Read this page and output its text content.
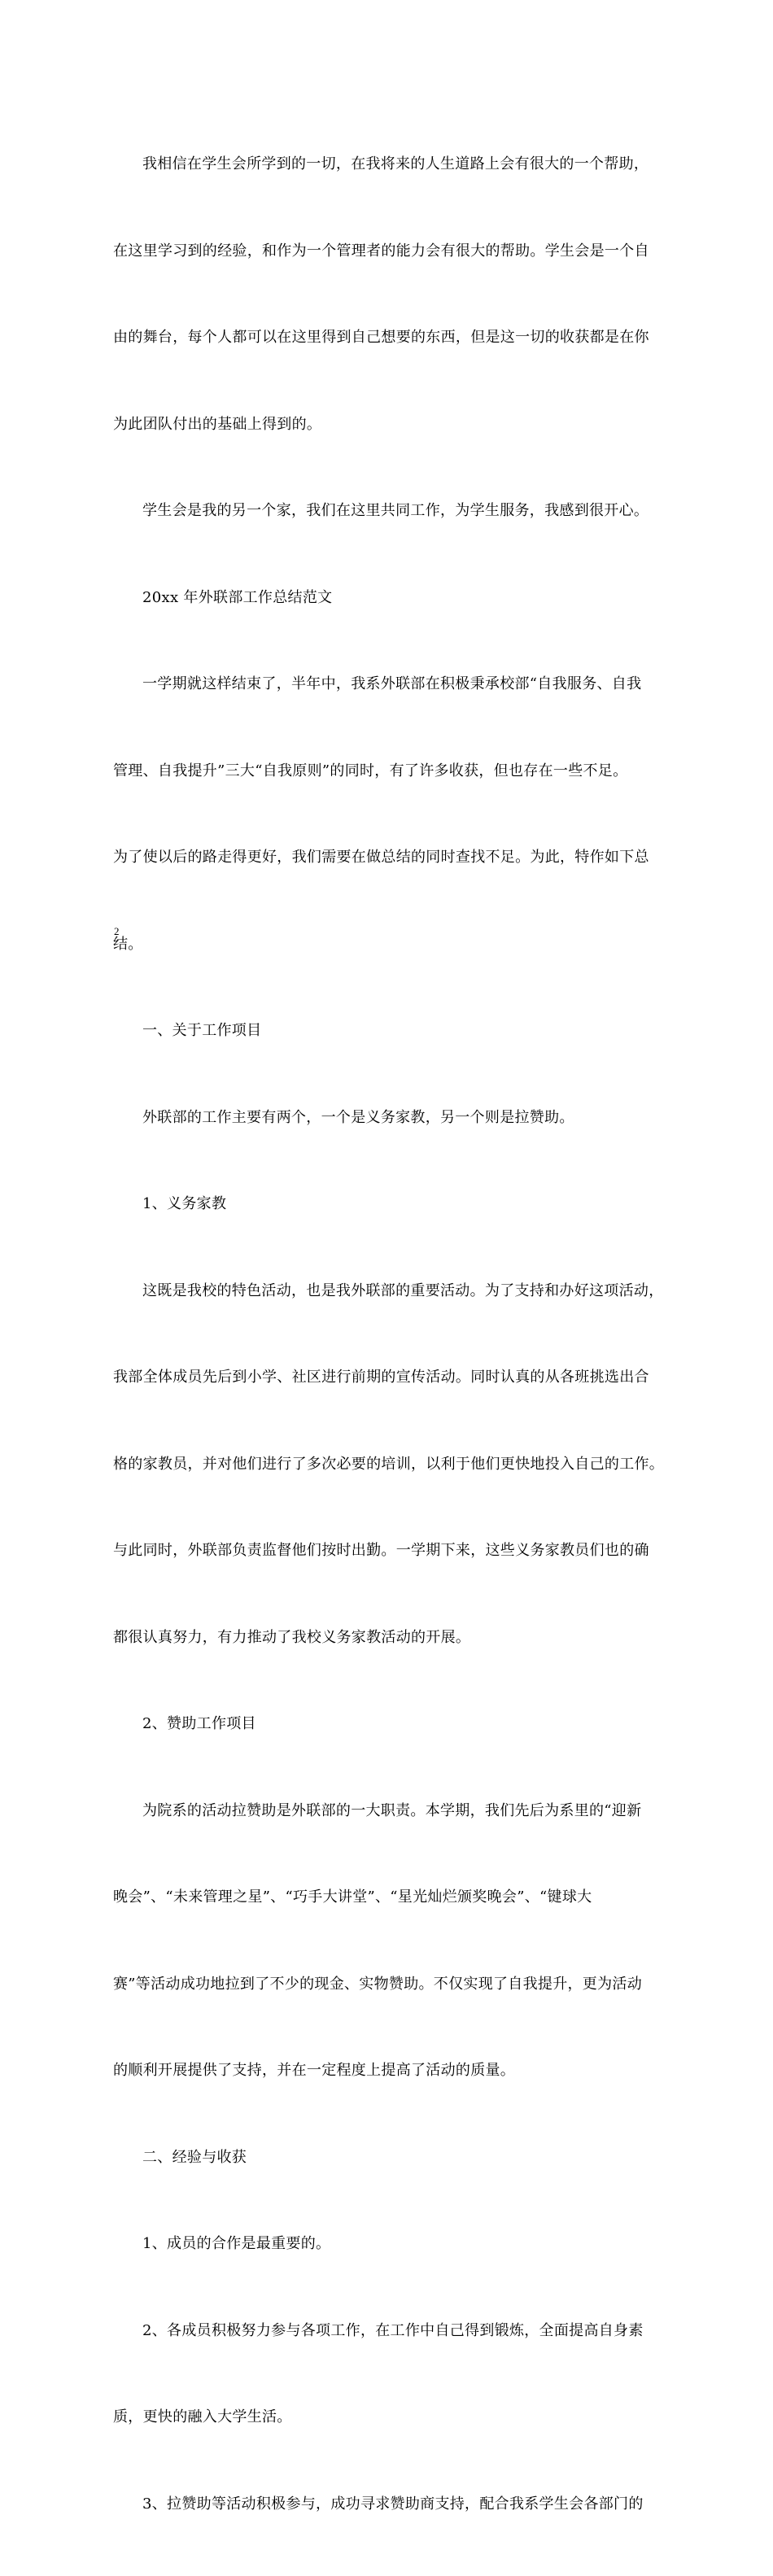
我相信在学生会所学到的一切，在我将来的人生道路上会有很大的一个帮助，

在这里学习到的经验，和作为一个管理者的能力会有很大的帮助。学生会是一个自

由的舞台，每个人都可以在这里得到自己想要的东西，但是这一切的收获都是在你

为此团队付出的基础上得到的。

学生会是我的另一个家，我们在这里共同工作，为学生服务，我感到很开心。

20xx 年外联部工作总结范文

一学期就这样结束了，半年中，我系外联部在积极秉承校部“自我服务、自我

管理、自我提升”三大“自我原则”的同时，有了许多收获，但也存在一些不足。

为了使以后的路走得更好，我们需要在做总结的同时查找不足。为此，特作如下总

结。

一、关于工作项目

外联部的工作主要有两个，一个是义务家教，另一个则是拉赞助。

1、义务家教

这既是我校的特色活动，也是我外联部的重要活动。为了支持和办好这项活动，

我部全体成员先后到小学、社区进行前期的宣传活动。同时认真的从各班挑选出合

格的家教员，并对他们进行了多次必要的培训，以利于他们更快地投入自己的工作。

与此同时，外联部负责监督他们按时出勤。一学期下来，这些义务家教员们也的确

都很认真努力，有力推动了我校义务家教活动的开展。

2、赞助工作项目

为院系的活动拉赞助是外联部的一大职责。本学期，我们先后为系里的“迎新

晚会”、“未来管理之星”、“巧手大讲堂”、“星光灿烂颁奖晚会”、“键球大

赛”等活动成功地拉到了不少的现金、实物赞助。不仅实现了自我提升，更为活动

的顺利开展提供了支持，并在一定程度上提高了活动的质量。

二、经验与收获

1、成员的合作是最重要的。

2、各成员积极努力参与各项工作，在工作中自己得到锻炼，全面提高自身素

质，更快的融入大学生活。

3、拉赞助等活动积极参与，成功寻求赞助商支持，配合我系学生会各部门的

2
